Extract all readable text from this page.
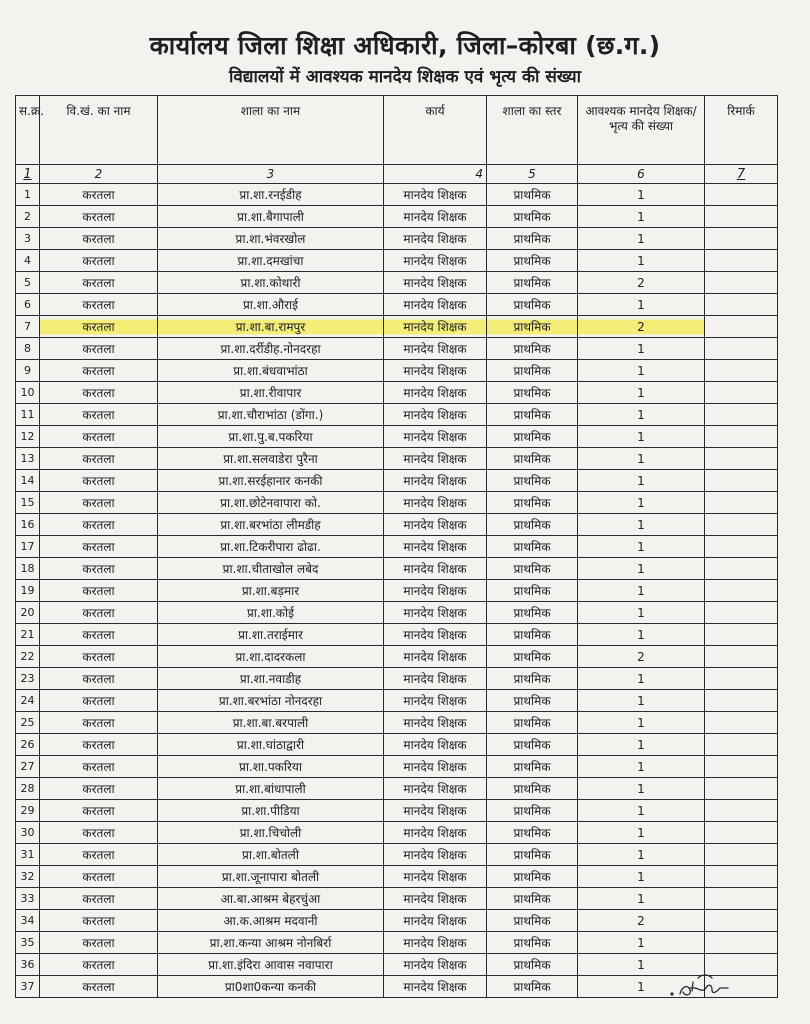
कार्यालय जिला शिक्षा अधिकारी, जिला–कोरबा (छ.ग.)
विद्यालयों में आवश्यक मानदेय शिक्षक एवं भृत्य की संख्या
स.क्र.	वि.खं. का नाम	शाला का नाम	कार्य	शाला का स्तर	आवश्यक मानदेय शिक्षक/भृत्य की संख्या	रिमार्क
1	2	3	4	5	6	7
1	करतला	प्रा.शा.रनईडीह	मानदेय शिक्षक	प्राथमिक	1	
2	करतला	प्रा.शा.बैगापाली	मानदेय शिक्षक	प्राथमिक	1	
3	करतला	प्रा.शा.भंवरखोल	मानदेय शिक्षक	प्राथमिक	1	
4	करतला	प्रा.शा.दमखांचा	मानदेय शिक्षक	प्राथमिक	1	
5	करतला	प्रा.शा.कोथारी	मानदेय शिक्षक	प्राथमिक	2	
6	करतला	प्रा.शा.औराई	मानदेय शिक्षक	प्राथमिक	1	
7	करतला	प्रा.शा.बा.रामपुर	मानदेय शिक्षक	प्राथमिक	2	
8	करतला	प्रा.शा.दर्रीडीह.नोनदरहा	मानदेय शिक्षक	प्राथमिक	1	
9	करतला	प्रा.शा.बंधवाभांठा	मानदेय शिक्षक	प्राथमिक	1	
10	करतला	प्रा.शा.रीवापार	मानदेय शिक्षक	प्राथमिक	1	
11	करतला	प्रा.शा.चौराभांठा (डोंगा.)	मानदेय शिक्षक	प्राथमिक	1	
12	करतला	प्रा.शा.पु.ब.पकरिया	मानदेय शिक्षक	प्राथमिक	1	
13	करतला	प्रा.शा.सलवाडेरा पुरैना	मानदेय शिक्षक	प्राथमिक	1	
14	करतला	प्रा.शा.सरईहानार कनकी	मानदेय शिक्षक	प्राथमिक	1	
15	करतला	प्रा.शा.छोटेनवापारा को.	मानदेय शिक्षक	प्राथमिक	1	
16	करतला	प्रा.शा.बरभांठा लीमडीह	मानदेय शिक्षक	प्राथमिक	1	
17	करतला	प्रा.शा.टिकरीपारा ढोढा.	मानदेय शिक्षक	प्राथमिक	1	
18	करतला	प्रा.शा.चीताखोल लबेद	मानदेय शिक्षक	प्राथमिक	1	
19	करतला	प्रा.शा.बड़मार	मानदेय शिक्षक	प्राथमिक	1	
20	करतला	प्रा.शा.कोई	मानदेय शिक्षक	प्राथमिक	1	
21	करतला	प्रा.शा.तराईमार	मानदेय शिक्षक	प्राथमिक	1	
22	करतला	प्रा.शा.दादरकला	मानदेय शिक्षक	प्राथमिक	2	
23	करतला	प्रा.शा.नवाडीह	मानदेय शिक्षक	प्राथमिक	1	
24	करतला	प्रा.शा.बरभांठा नोनदरहा	मानदेय शिक्षक	प्राथमिक	1	
25	करतला	प्रा.शा.बा.बरपाली	मानदेय शिक्षक	प्राथमिक	1	
26	करतला	प्रा.शा.घांठाद्वारी	मानदेय शिक्षक	प्राथमिक	1	
27	करतला	प्रा.शा.पकरिया	मानदेय शिक्षक	प्राथमिक	1	
28	करतला	प्रा.शा.बांधापाली	मानदेय शिक्षक	प्राथमिक	1	
29	करतला	प्रा.शा.पीडिया	मानदेय शिक्षक	प्राथमिक	1	
30	करतला	प्रा.शा.चिचोली	मानदेय शिक्षक	प्राथमिक	1	
31	करतला	प्रा.शा.बोतली	मानदेय शिक्षक	प्राथमिक	1	
32	करतला	प्रा.शा.जूनापारा बोतली	मानदेय शिक्षक	प्राथमिक	1	
33	करतला	आ.बा.आश्रम बेहरचुंआ	मानदेय शिक्षक	प्राथमिक	1	
34	करतला	आ.क.आश्रम मदवानी	मानदेय शिक्षक	प्राथमिक	2	
35	करतला	प्रा.शा.कन्या आश्रम नोनबिर्रा	मानदेय शिक्षक	प्राथमिक	1	
36	करतला	प्रा.शा.इंदिरा आवास नवापारा	मानदेय शिक्षक	प्राथमिक	1	
37	करतला	प्रा0शा0कन्या कनकी	मानदेय शिक्षक	प्राथमिक	1	
